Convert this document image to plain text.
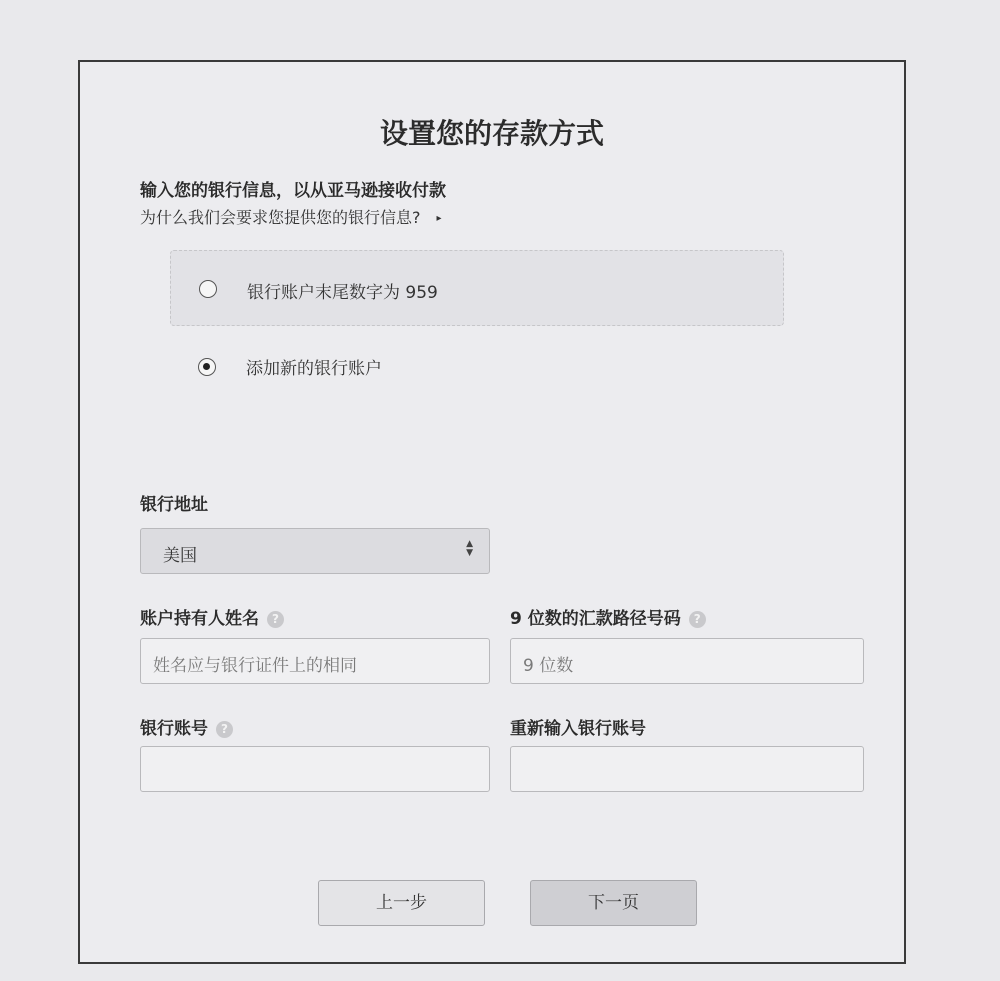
设置您的存款方式
输入您的银行信息，以从亚马逊接收付款
为什么我们会要求您提供您的银行信息? ▸
银行账户末尾数字为 959
添加新的银行账户
银行地址
美国
▲
▼
账户持有人姓名 ?
姓名应与银行证件上的相同
9 位数的汇款路径号码 ?
9 位数
银行账号 ?	重新输入银行账号
上一步	下一页
